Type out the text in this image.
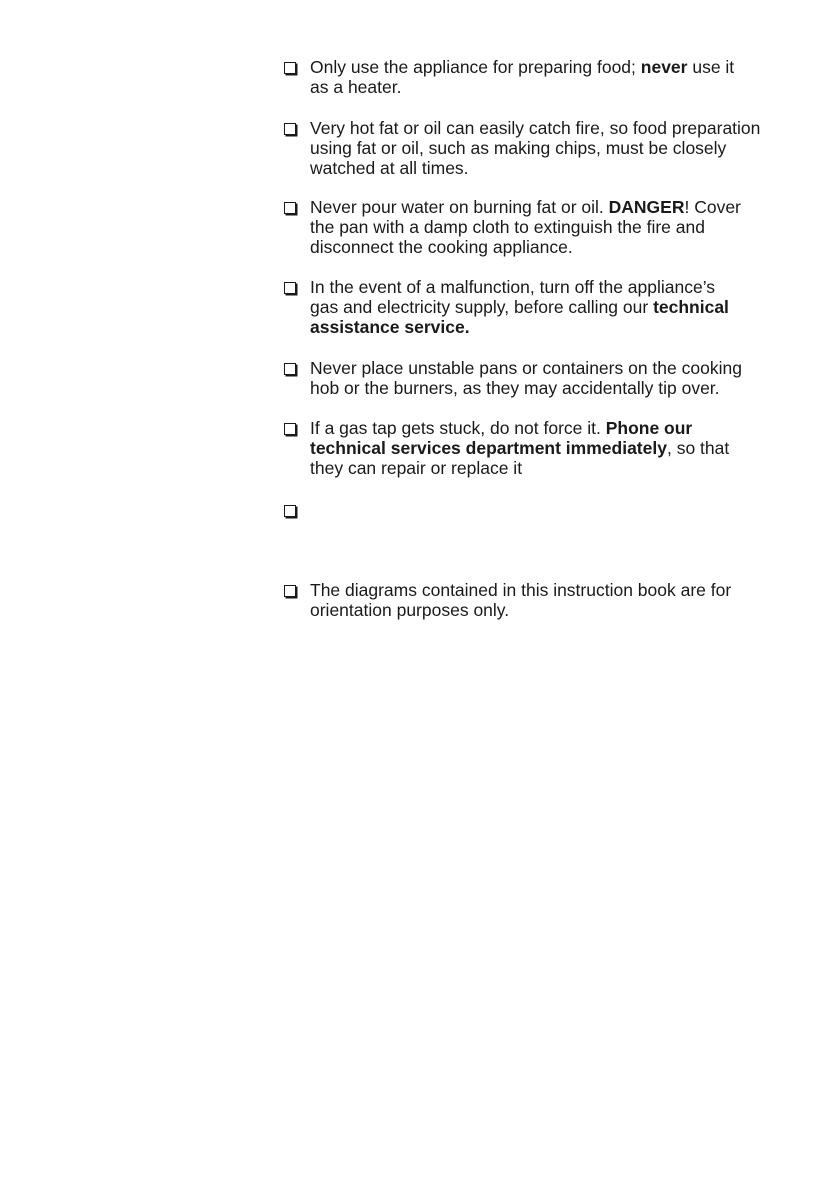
Only use the appliance for preparing food; never use it
as a heater.
Very hot fat or oil can easily catch fire, so food preparation
using fat or oil, such as making chips, must be closely
watched at all times.
Never pour water on burning fat or oil. DANGER! Cover
the pan with a damp cloth to extinguish the fire and
disconnect the cooking appliance.
In the event of a malfunction, turn off the appliance’s
gas and electricity supply, before calling our technical
assistance service.
Never place unstable pans or containers on the cooking
hob or the burners, as they may accidentally tip over.
If a gas tap gets stuck, do not force it. Phone our
technical services department immediately, so that
they can repair or replace it
The diagrams contained in this instruction book are for
orientation purposes only.
